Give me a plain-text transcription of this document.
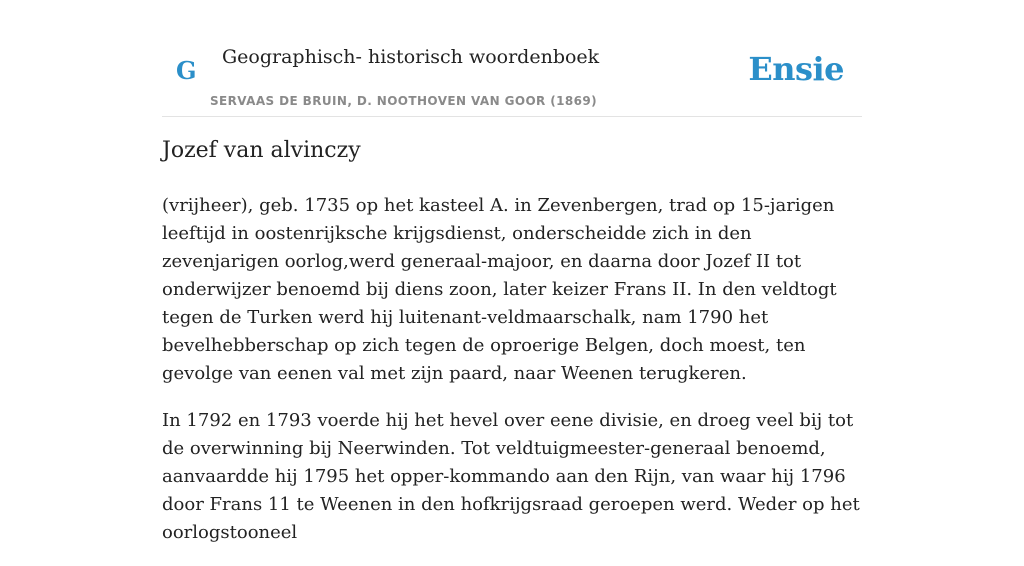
G Geographisch- historisch woordenboek
SERVAAS DE BRUIN, D. NOOTHOVEN VAN GOOR (1869)
Ensie
Jozef van alvinczy

(vrijheer), geb. 1735 op het kasteel A. in Zevenbergen, trad op 15-jarigen leeftijd in oostenrijksche krijgsdienst, onderscheidde zich in den zevenjarigen oorlog,werd generaal-majoor, en daarna door Jozef II tot onderwijzer benoemd bij diens zoon, later keizer Frans II. In den veldtogt tegen de Turken werd hij luitenant-veldmaarschalk, nam 1790 het bevelhebberschap op zich tegen de oproerige Belgen, doch moest, ten gevolge van eenen val met zijn paard, naar Weenen terugkeren.

In 1792 en 1793 voerde hij het hevel over eene divisie, en droeg veel bij tot de overwinning bij Neerwinden. Tot veldtuigmeester-generaal benoemd, aanvaardde hij 1795 het opper-kommando aan den Rijn, van waar hij 1796 door Frans 11 te Weenen in den hofkrijgsraad geroepen werd. Weder op het oorlogstooneel
